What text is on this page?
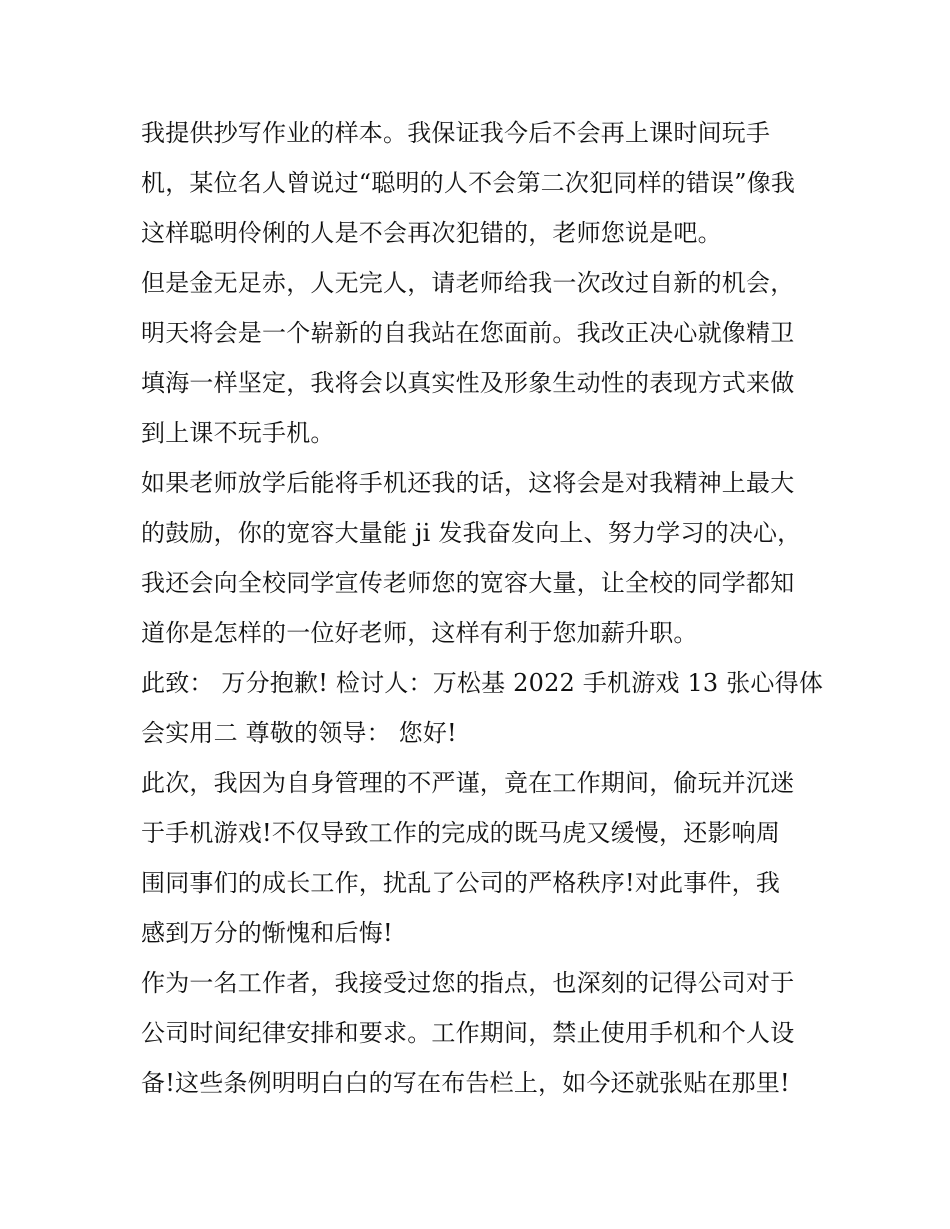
我提供抄写作业的样本。我保证我今后不会再上课时间玩手
机，某位名人曾说过“聪明的人不会第二次犯同样的错误”像我
这样聪明伶俐的人是不会再次犯错的，老师您说是吧。
但是金无足赤，人无完人，请老师给我一次改过自新的机会，
明天将会是一个崭新的自我站在您面前。我改正决心就像精卫
填海一样坚定，我将会以真实性及形象生动性的表现方式来做
到上课不玩手机。
如果老师放学后能将手机还我的话，这将会是对我精神上最大
的鼓励，你的宽容大量能 ji 发我奋发向上、努力学习的决心，
我还会向全校同学宣传老师您的宽容大量，让全校的同学都知
道你是怎样的一位好老师，这样有利于您加薪升职。
此致： 万分抱歉! 检讨人：万松基 2022 手机游戏 13 张心得体
会实用二 尊敬的领导： 您好!
此次，我因为自身管理的不严谨，竟在工作期间，偷玩并沉迷
于手机游戏!不仅导致工作的完成的既马虎又缓慢，还影响周
围同事们的成长工作，扰乱了公司的严格秩序!对此事件，我
感到万分的惭愧和后悔!
作为一名工作者，我接受过您的指点，也深刻的记得公司对于
公司时间纪律安排和要求。工作期间，禁止使用手机和个人设
备!这些条例明明白白的写在布告栏上，如今还就张贴在那里!
